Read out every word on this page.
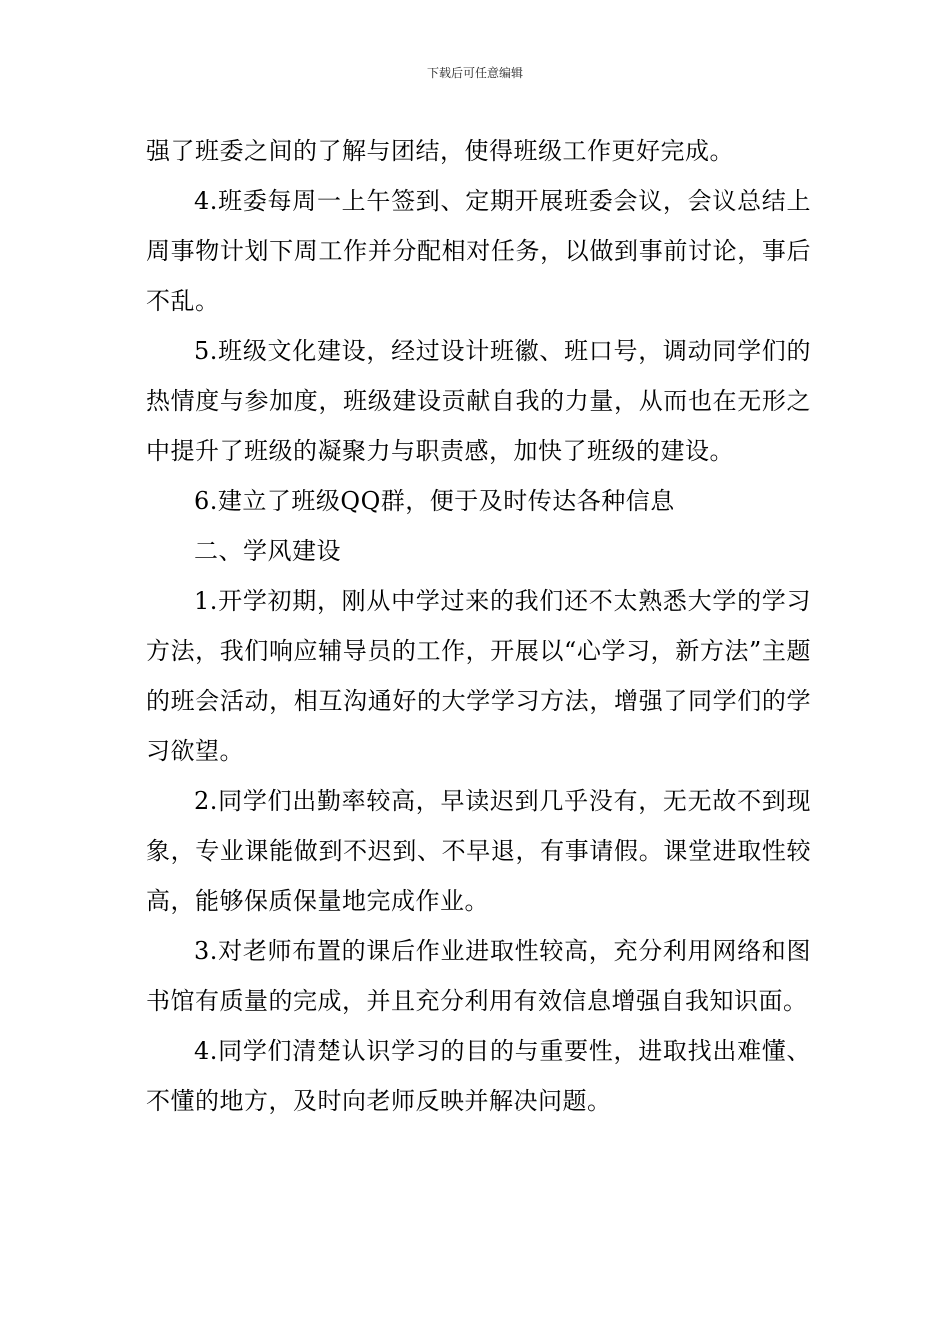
下载后可任意编辑

强了班委之间的了解与团结，使得班级工作更好完成。

4.班委每周一上午签到、定期开展班委会议，会议总结上周事物计划下周工作并分配相对任务，以做到事前讨论，事后不乱。

5.班级文化建设，经过设计班徽、班口号，调动同学们的热情度与参加度，班级建设贡献自我的力量，从而也在无形之中提升了班级的凝聚力与职责感，加快了班级的建设。

6.建立了班级QQ群，便于及时传达各种信息

二、学风建设

1.开学初期，刚从中学过来的我们还不太熟悉大学的学习方法，我们响应辅导员的工作，开展以“心学习，新方法”主题的班会活动，相互沟通好的大学学习方法，增强了同学们的学习欲望。

2.同学们出勤率较高，早读迟到几乎没有，无无故不到现象，专业课能做到不迟到、不早退，有事请假。课堂进取性较高，能够保质保量地完成作业。

3.对老师布置的课后作业进取性较高，充分利用网络和图书馆有质量的完成，并且充分利用有效信息增强自我知识面。

4.同学们清楚认识学习的目的与重要性，进取找出难懂、不懂的地方，及时向老师反映并解决问题。
